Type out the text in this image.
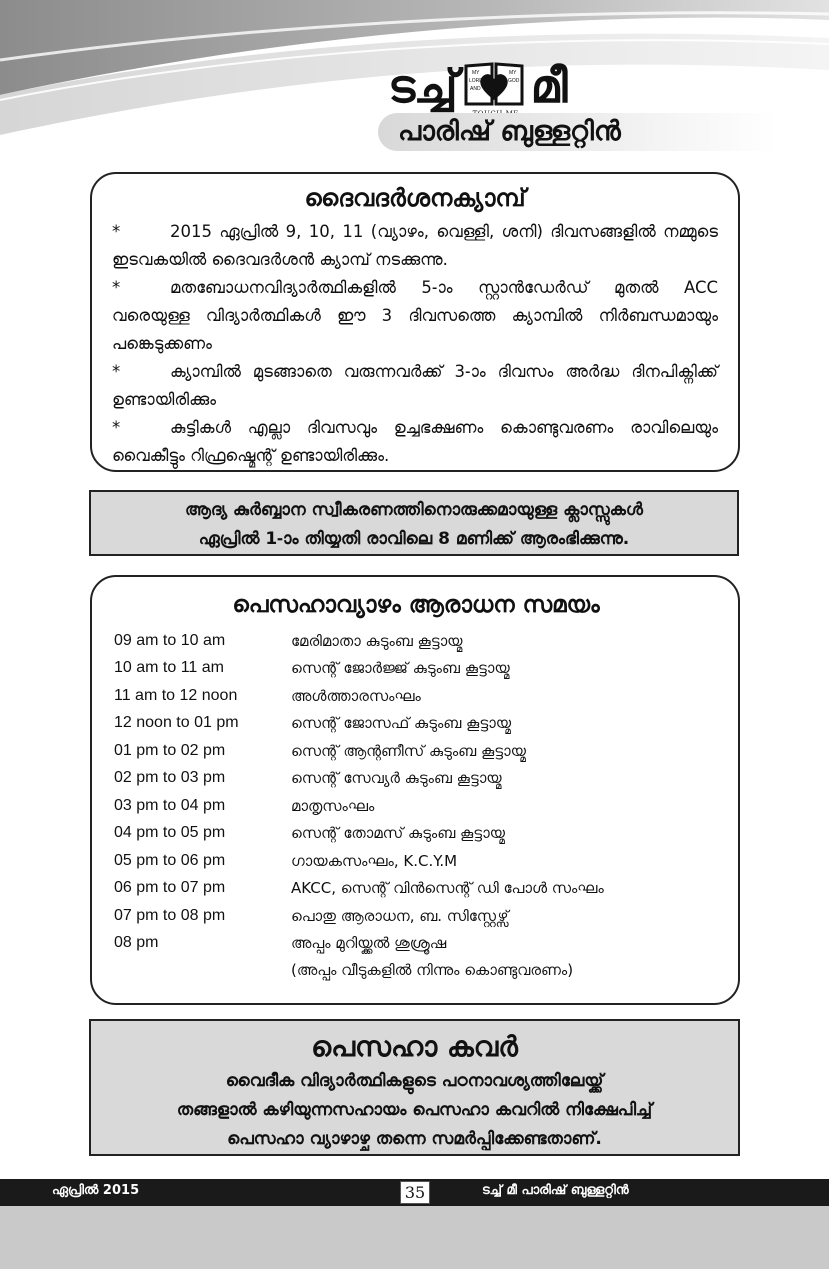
ടച്ച്	MY
LORD
AND
MY
GOD മീ
പാരിഷ് ബുള്ളറ്റിൻ
ദൈവദർശനക്യാമ്പ്

*	2015 ഏപ്രിൽ 9, 10, 11 (വ്യാഴം, വെള്ളി, ശനി) ദിവസങ്ങളിൽ നമ്മുടെ ഇടവകയിൽ ദൈവദർശൻ ക്യാമ്പ് നടക്കുന്നു.

*	മതബോധനവിദ്യാർത്ഥികളിൽ 5-ാം സ്റ്റാൻഡേർഡ് മുതൽ ACC വരെയുള്ള വിദ്യാർത്ഥികൾ ഈ 3 ദിവസത്തെ ക്യാമ്പിൽ നിർബന്ധമായും പങ്കെടുക്കണം

*	ക്യാമ്പിൽ മുടങ്ങാതെ വരുന്നവർക്ക് 3-ാം ദിവസം അർദ്ധ ദിനപിക്നിക്ക് ഉണ്ടായിരിക്കും

*	കുട്ടികൾ എല്ലാ ദിവസവും ഉച്ചഭക്ഷണം കൊണ്ടുവരണം രാവിലെയും വൈകീട്ടും റിഫ്രഷ്മെന്റ് ഉണ്ടായിരിക്കും.

ആദ്യ കുർബ്ബാന സ്വീകരണത്തിനൊരുക്കമായുള്ള ക്ലാസ്സുകൾ

ഏപ്രിൽ 1-ാം തിയ്യതി രാവിലെ 8 മണിക്ക് ആരംഭിക്കുന്നു.

പെസഹാവ്യാഴം ആരാധന സമയം
09 am to 10 am	മേരിമാതാ കുടുംബ കൂട്ടായ്മ
10 am to 11 am	സെന്റ് ജോർജ്ജ് കുടുംബ കൂട്ടായ്മ
11 am to 12 noon	അൾത്താരസംഘം
12 noon to 01 pm	സെന്റ് ജോസഫ് കുടുംബ കൂട്ടായ്മ
01 pm to 02 pm	സെന്റ് ആന്റണീസ് കുടുംബ കൂട്ടായ്മ
02 pm to 03 pm	സെന്റ് സേവ്യർ കുടുംബ കൂട്ടായ്മ
03 pm to 04 pm	മാതൃസംഘം
04 pm to 05 pm	സെന്റ് തോമസ് കുടുംബ കൂട്ടായ്മ
05 pm to 06 pm	ഗായകസംഘം, K.C.Y.M
06 pm to 07 pm	AKCC, സെന്റ് വിൻസെന്റ് ഡി പോൾ സംഘം
07 pm to 08 pm	പൊതു ആരാധന, ബ. സിസ്റ്റേഴ്സ്
08 pm	അപ്പം മുറിയ്ക്കൽ ശുശ്രൂഷ
(അപ്പം വീടുകളിൽ നിന്നും കൊണ്ടുവരണം)
പെസഹാ കവർ

വൈദീക വിദ്യാർത്ഥികളുടെ പഠനാവശ്യത്തിലേയ്ക്ക്

തങ്ങളാൽ കഴിയുന്നസഹായം പെസഹാ കവറിൽ നിക്ഷേപിച്ച്

പെസഹാ വ്യാഴാഴ്ച തന്നെ സമർപ്പിക്കേണ്ടതാണ്.

ഏപ്രിൽ 2015	35	ടച്ച് മീ പാരിഷ് ബുള്ളറ്റിൻ
